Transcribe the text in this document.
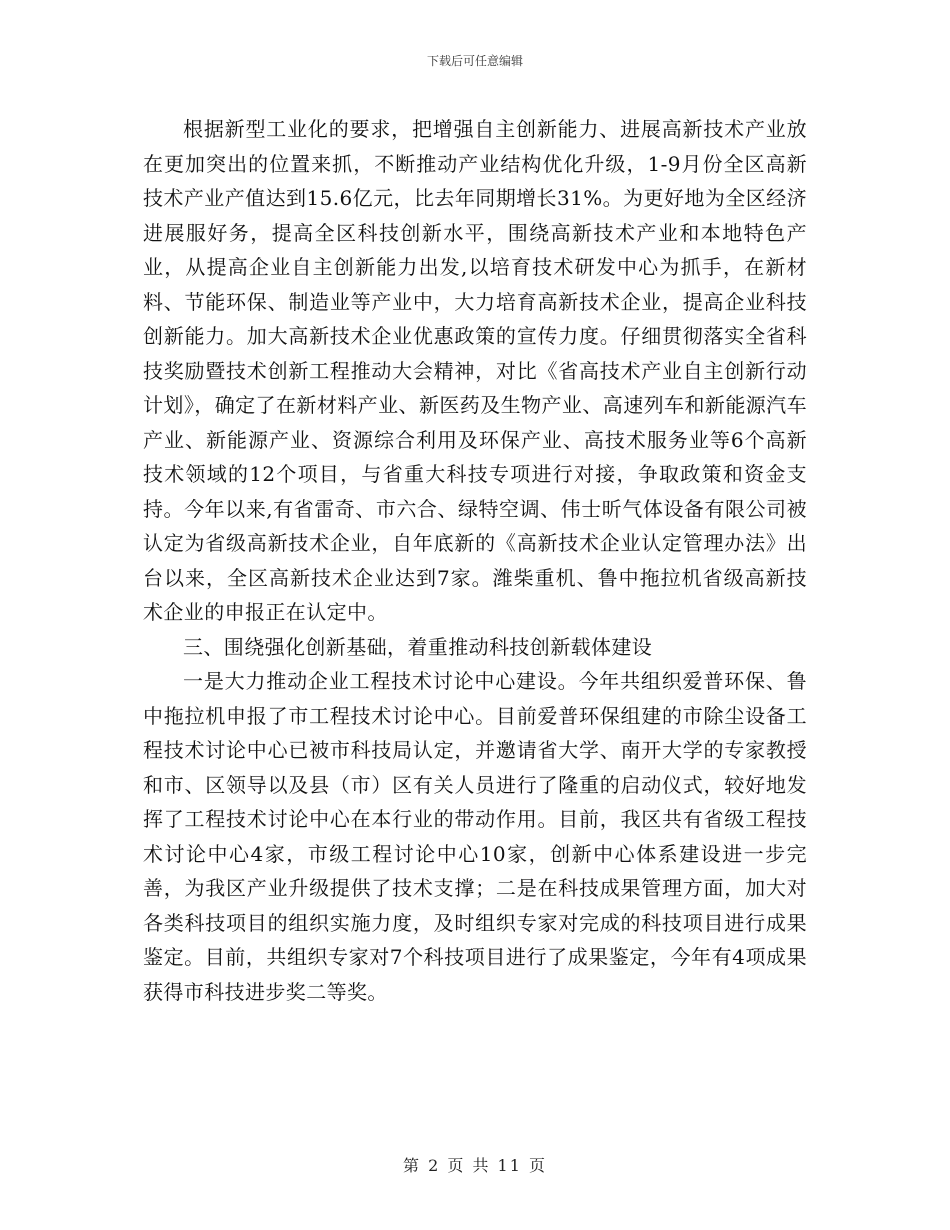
下载后可任意编辑

根据新型工业化的要求，把增强自主创新能力、进展高新技术产业放在更加突出的位置来抓，不断推动产业结构优化升级，1-9月份全区高新技术产业产值达到15.6亿元，比去年同期增长31%。为更好地为全区经济进展服好务，提高全区科技创新水平，围绕高新技术产业和本地特色产业，从提高企业自主创新能力出发,以培育技术研发中心为抓手，在新材料、节能环保、制造业等产业中，大力培育高新技术企业，提高企业科技创新能力。加大高新技术企业优惠政策的宣传力度。仔细贯彻落实全省科技奖励暨技术创新工程推动大会精神，对比《省高技术产业自主创新行动计划》，确定了在新材料产业、新医药及生物产业、高速列车和新能源汽车产业、新能源产业、资源综合利用及环保产业、高技术服务业等6个高新技术领域的12个项目，与省重大科技专项进行对接，争取政策和资金支持。今年以来,有省雷奇、市六合、绿特空调、伟士昕气体设备有限公司被认定为省级高新技术企业，自年底新的《高新技术企业认定管理办法》出台以来，全区高新技术企业达到7家。潍柴重机、鲁中拖拉机省级高新技术企业的申报正在认定中。

三、围绕强化创新基础，着重推动科技创新载体建设

一是大力推动企业工程技术讨论中心建设。今年共组织爱普环保、鲁中拖拉机申报了市工程技术讨论中心。目前爱普环保组建的市除尘设备工程技术讨论中心已被市科技局认定，并邀请省大学、南开大学的专家教授和市、区领导以及县（市）区有关人员进行了隆重的启动仪式，较好地发挥了工程技术讨论中心在本行业的带动作用。目前，我区共有省级工程技术讨论中心4家，市级工程讨论中心10家，创新中心体系建设进一步完善，为我区产业升级提供了技术支撑；二是在科技成果管理方面，加大对各类科技项目的组织实施力度，及时组织专家对完成的科技项目进行成果鉴定。目前，共组织专家对7个科技项目进行了成果鉴定，今年有4项成果获得市科技进步奖二等奖。

第 2 页 共 11 页
